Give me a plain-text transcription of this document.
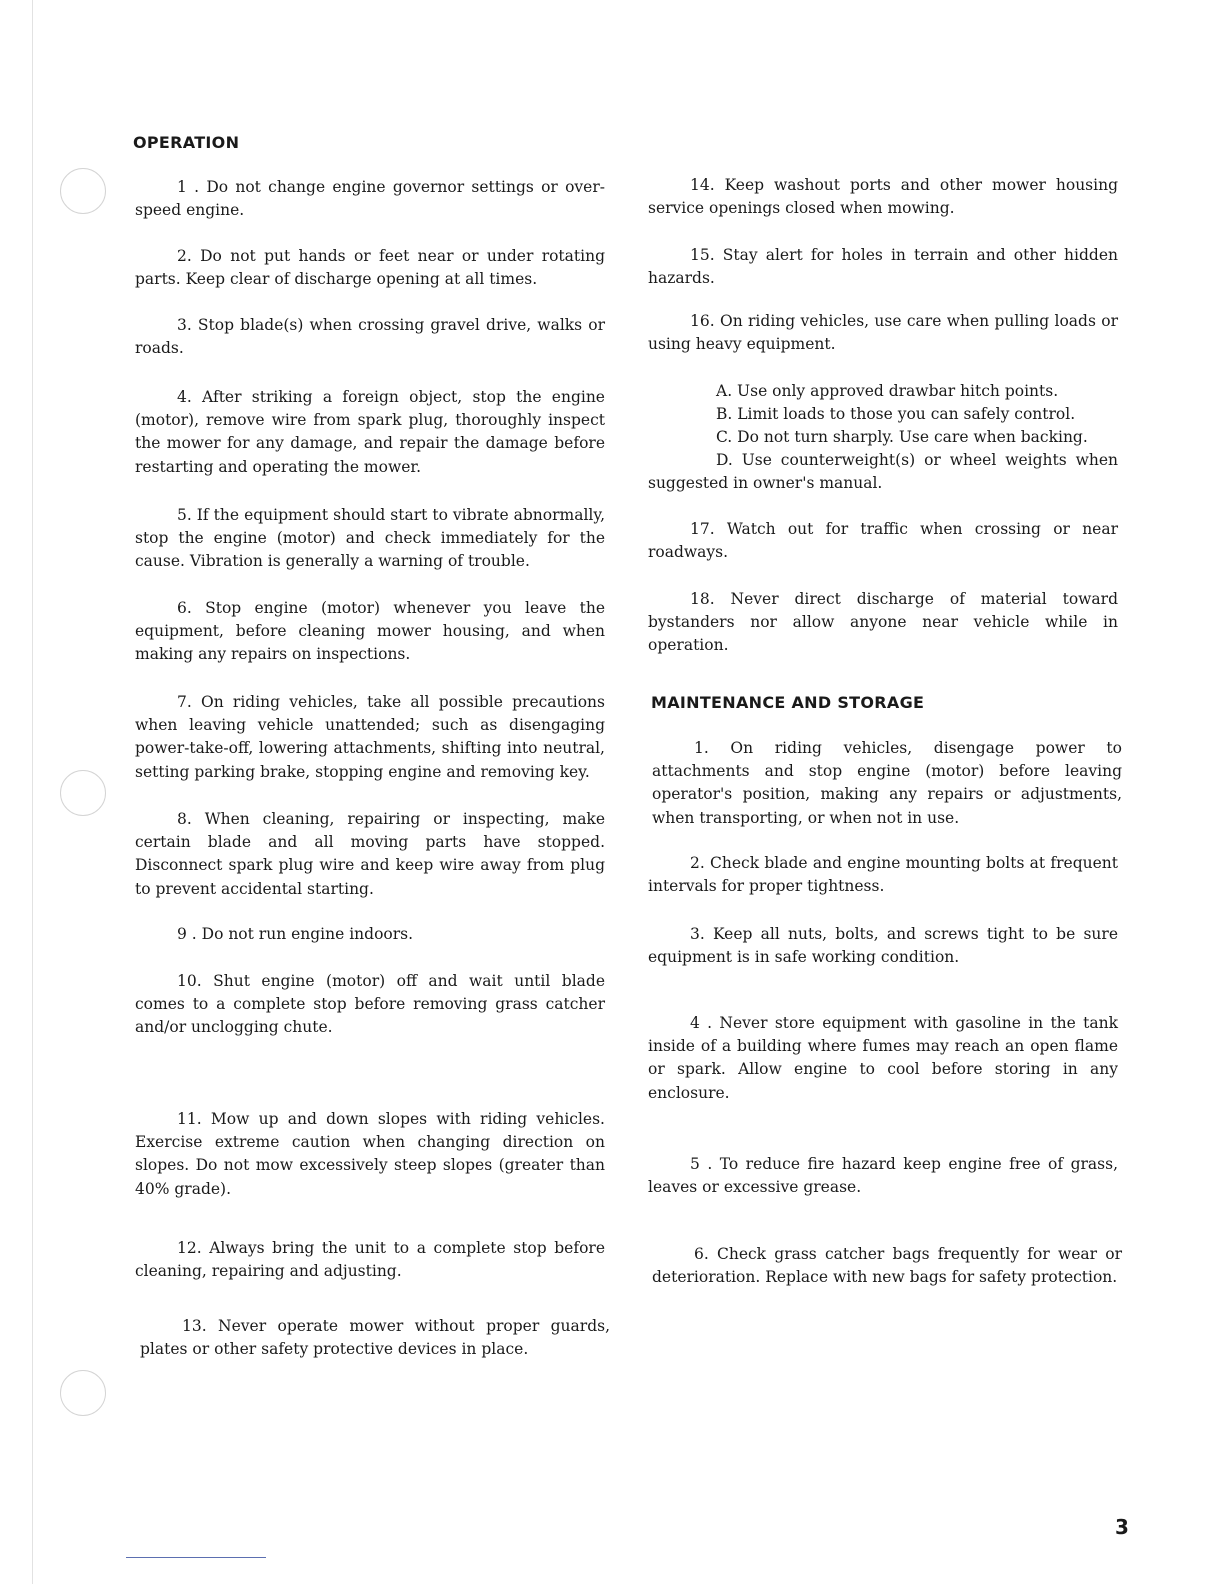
OPERATION
1 . Do not change engine governor settings or over-speed engine.
2. Do not put hands or feet near or under rotating parts. Keep clear of discharge opening at all times.
3. Stop blade(s) when crossing gravel drive, walks or roads.
4. After striking a foreign object, stop the engine (motor), remove wire from spark plug, thoroughly inspect the mower for any damage, and repair the damage before restarting and operating the mower.
5. If the equipment should start to vibrate abnormally, stop the engine (motor) and check immediately for the cause. Vibration is generally a warning of trouble.
6. Stop engine (motor) whenever you leave the equipment, before cleaning mower housing, and when making any repairs on inspections.
7. On riding vehicles, take all possible precautions when leaving vehicle unattended; such as disengaging power-take-off, lowering attachments, shifting into neutral, setting parking brake, stopping engine and removing key.
8. When cleaning, repairing or inspecting, make certain blade and all moving parts have stopped. Disconnect spark plug wire and keep wire away from plug to prevent accidental starting.
9 . Do not run engine indoors.
10. Shut engine (motor) off and wait until blade comes to a complete stop before removing grass catcher and/or unclogging chute.
11. Mow up and down slopes with riding vehicles. Exercise extreme caution when changing direction on slopes. Do not mow excessively steep slopes (greater than 40% grade).
12. Always bring the unit to a complete stop before cleaning, repairing and adjusting.
13. Never operate mower without proper guards, plates or other safety protective devices in place.
14. Keep washout ports and other mower housing service openings closed when mowing.
15. Stay alert for holes in terrain and other hidden hazards.
16. On riding vehicles, use care when pulling loads or using heavy equipment.
A. Use only approved drawbar hitch points.
B. Limit loads to those you can safely control.
C. Do not turn sharply. Use care when backing.
D. Use counterweight(s) or wheel weights when suggested in owner's manual.
17. Watch out for traffic when crossing or near roadways.
18. Never direct discharge of material toward bystanders nor allow anyone near vehicle while in operation.
MAINTENANCE AND STORAGE
1. On riding vehicles, disengage power to attachments and stop engine (motor) before leaving operator's position, making any repairs or adjustments, when transporting, or when not in use.
2. Check blade and engine mounting bolts at frequent intervals for proper tightness.
3. Keep all nuts, bolts, and screws tight to be sure equipment is in safe working condition.
4 . Never store equipment with gasoline in the tank inside of a building where fumes may reach an open flame or spark. Allow engine to cool before storing in any enclosure.
5 . To reduce fire hazard keep engine free of grass, leaves or excessive grease.
6. Check grass catcher bags frequently for wear or deterioration. Replace with new bags for safety protection.
3
